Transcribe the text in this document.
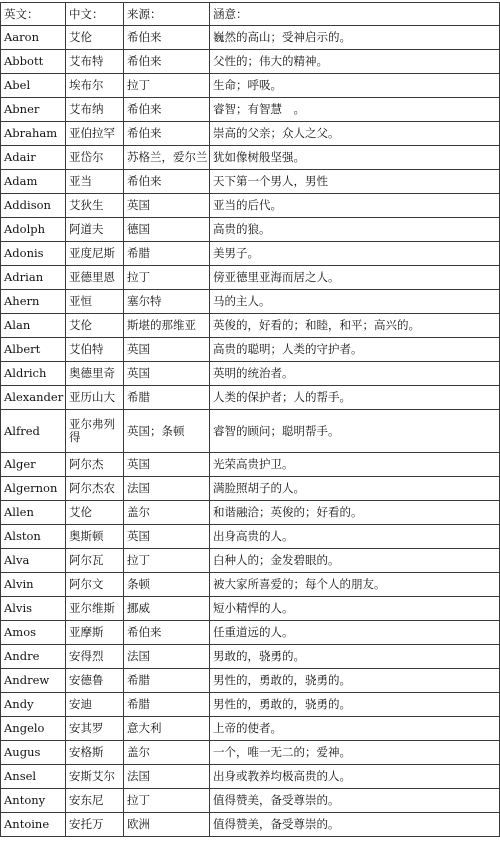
英文：	中文：	来源：	涵意：
Aaron	艾伦	希伯来	巍然的高山；受神启示的。
Abbott	艾布特	希伯来	父性的；伟大的精神。
Abel	埃布尔	拉丁	生命；呼吸。
Abner	艾布纳	希伯来	睿智；有智慧　。
Abraham	亚伯拉罕	希伯来	崇高的父亲；众人之父。
Adair	亚岱尔	苏格兰，爱尔兰	犹如像树般坚强。
Adam	亚当	希伯来	天下第一个男人，男性
Addison	艾狄生	英国	亚当的后代。
Adolph	阿道夫	德国	高贵的狼。
Adonis	亚度尼斯	希腊	美男子。
Adrian	亚德里恩	拉丁	傍亚德里亚海而居之人。
Ahern	亚恒	塞尔特	马的主人。
Alan	艾伦	斯堪的那维亚	英俊的，好看的；和睦，和平；高兴的。
Albert	艾伯特	英国	高贵的聪明；人类的守护者。
Aldrich	奥德里奇	英国	英明的统治者。
Alexander	亚历山大	希腊	人类的保护者；人的帮手。
Alfred	亚尔弗列得	英国；条顿	睿智的顾问；聪明帮手。
Alger	阿尔杰	英国	光荣高贵护卫。
Algernon	阿尔杰农	法国	满脸照胡子的人。
Allen	艾伦	盖尔	和谐融洽；英俊的；好看的。
Alston	奥斯顿	英国	出身高贵的人。
Alva	阿尔瓦	拉丁	白种人的；金发碧眼的。
Alvin	阿尔文	条顿	被大家所喜爱的；每个人的朋友。
Alvis	亚尔维斯	挪威	短小精悍的人。
Amos	亚摩斯	希伯来	任重道远的人。
Andre	安得烈	法国	男敢的，骁勇的。
Andrew	安德鲁	希腊	男性的，勇敢的，骁勇的。
Andy	安迪	希腊	男性的，勇敢的，骁勇的。
Angelo	安其罗	意大利	上帝的使者。
Augus	安格斯	盖尔	一个，唯一无二的；爱神。
Ansel	安斯艾尔	法国	出身或教养均极高贵的人。
Antony	安东尼	拉丁	值得赞美，备受尊崇的。
Antoine	安托万	欧洲	值得赞美，备受尊崇的。
